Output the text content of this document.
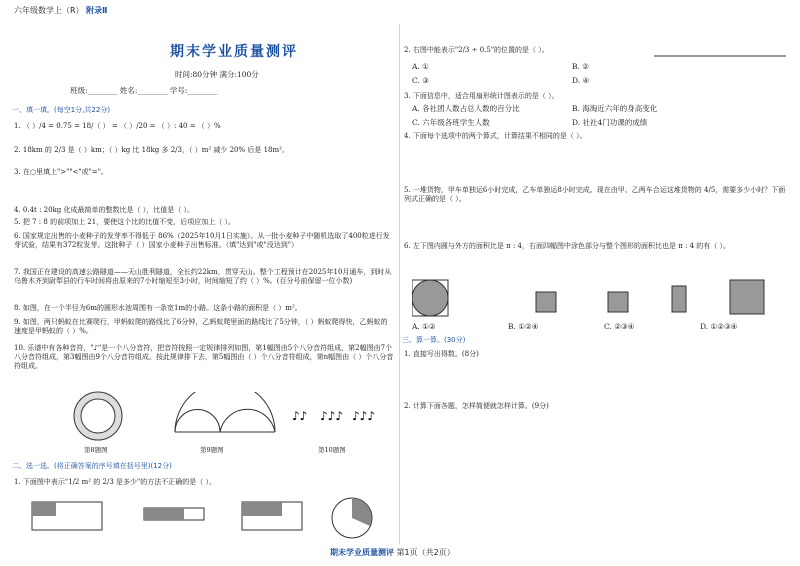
六年级数学上（R） 附录Ⅱ
期末学业质量测评
时间:80分钟 满分:100分
班级:________ 姓名:________ 学号:________
一、填一填。(每空1分,共22分)
1. （ ）/4 = 0.75 = 18/（ ） = （ ）/20 = （ ）: 40 = （ ）%
2. 18km 的 2/3 是（ ）km；（ ）kg 比 18kg 多 2/3，（ ）m² 减少 20% 后是 18m²。
3. 在○里填上">""<"或"="。
4. 0.4t : 20kg 化成最简单的整数比是（ ），比值是（ ）。
5. 把 7 : 8 的前项加上 21，要使这个比的比值不变，后项应加上（ ）。
6. 国家规定出售的小麦种子的发芽率不得低于 86%（2025年10月1日实施）。从一批小麦种子中随机选取了400粒进行发芽试验，结果有372粒发芽。这批种子（ ）国家小麦种子出售标准。（填"达到"或"没达到"）
7. 我国正在建设的高速公路隧道——天山胜利隧道，全长约22km，贯穿天山。整个工程预计在2025年10月通车，到时从乌鲁木齐到尉犁县的行车时间将由原来的7小时缩短至3小时，时间缩短了约（ ）%。(百分号前保留一位小数)
8. 如图，在一个半径为6m的圆形水池周围有一条宽1m的小路。这条小路的面积是（ ）m²。
9. 如图，两只蚂蚁在比赛爬行，甲蚂蚁爬的路线比了6分钟，乙蚂蚁爬里面的路线比了5分钟，（ ）蚂蚁爬得快，乙蚂蚁的速度是甲蚂蚁的（ ）%。
10. 乐谱中有各种音符，"♪"是一个八分音符，把音符按照一定规律排列如图，第1幅图由5个八分音符组成，第2幅图由7个八分音符组成，第3幅图由9个八分音符组成。按此规律排下去，第5幅图由（ ）个八分音符组成，第n幅图由（ ）个八分音符组成。
♪♪ ♪♪♪ ♪♪♪
第8题图	第9题图	第10题图
二、选一选。(将正确答案的序号填在括号里)(12分)
1. 下面图中表示"1/2 m² 的 2/3 是多少"的方法不正确的是（ ）。
2. 右图中能表示"2/3 ÷ 0.5"的位置的是（ ）。
A. ①	B. ②
C. ③	D. ④
3. 下面信息中，适合用扇形统计图表示的是（ ）。
A. 各社团人数占总人数的百分比	B. 海淘近六年的身高变化
C. 六年级各班学生人数	D. 社社4门功课的成绩
4. 下面每个选项中的两个算式，计算结果不相同的是（ ）。
5. 一堆货物，甲车单独运6小时完成，乙车单独运8小时完成。现在由甲、乙两车合运这堆货物的 4/5，需要多少小时？下面列式正确的是（ ）。
6. 左下图内圆与外方的面积比是 π : 4，右面四幅图中涂色部分与整个图形的面积比也是 π : 4 的有（ ）。
A. ①②	B. ①②④	C. ②③④	D. ①②③④
三、算一算。(30分)
1. 直接写出得数。(8分)
2. 计算下面各题，怎样简便就怎样计算。(9分)
期末学业质量测评 第1页（共2页）
